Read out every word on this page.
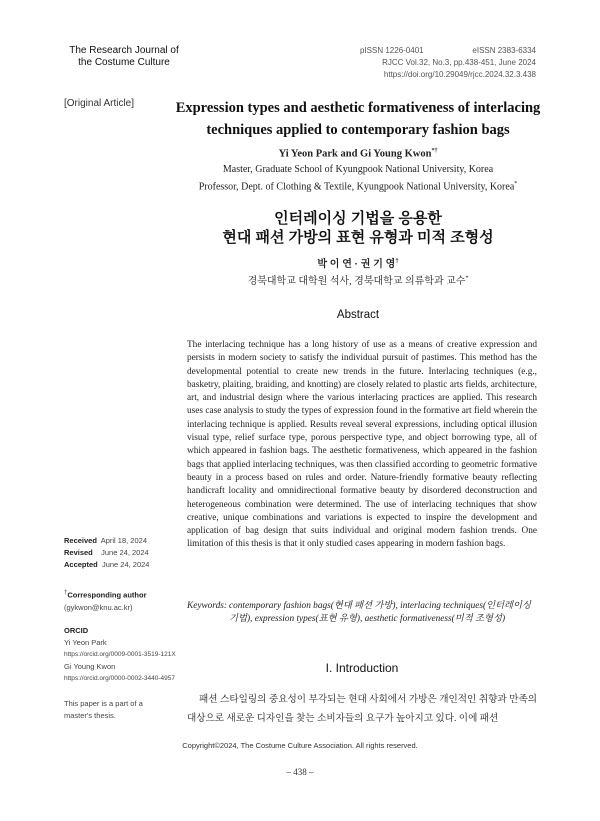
The Research Journal of
the Costume Culture
pISSN 1226-0401	eISSN 2383-6334
RJCC Vol.32, No.3, pp.438-451, June 2024
https://doi.org/10.29049/rjcc.2024.32.3.438
[Original Article]	Expression types and aesthetic formativeness of interlacing
techniques applied to contemporary fashion bags
Yi Yeon Park and Gi Young Kwon*†
Master, Graduate School of Kyungpook National University, Korea
Professor, Dept. of Clothing & Textile, Kyungpook National University, Korea*
인터레이싱 기법을 응용한
현대 패션 가방의 표현 유형과 미적 조형성
박 이 연 · 권 기 영†
경북대학교 대학원 석사, 경북대학교 의류학과 교수*
Abstract
The interlacing technique has a long history of use as a means of creative expression and persists in modern society to satisfy the individual pursuit of pastimes. This method has the developmental potential to create new trends in the future. Interlacing techniques (e.g., basketry, plaiting, braiding, and knotting) are closely related to plastic arts fields, architecture, art, and industrial design where the various interlacing practices are applied. This research uses case analysis to study the types of expression found in the formative art field wherein the interlacing technique is applied. Results reveal several expressions, including optical illusion visual type, relief surface type, porous perspective type, and object borrowing type, all of which appeared in fashion bags. The aesthetic formativeness, which appeared in the fashion bags that applied interlacing techniques, was then classified according to geometric formative beauty in a process based on rules and order. Nature-friendly formative beauty reflecting handicraft locality and omnidirectional formative beauty by disordered deconstruction and heterogeneous combination were determined. The use of interlacing techniques that show creative, unique combinations and variations is expected to inspire the development and application of bag design that suits individual and original modern fashion trends. One limitation of this thesis is that it only studied cases appearing in modern fashion bags.
Keywords: contemporary fashion bags(현대 패션 가방), interlacing techniques(인터레이싱 기법), expression types(표현 유형), aesthetic formativeness(미적 조형성)
I. Introduction
패션 스타일링의 중요성이 부각되는 현대 사회에서 가방은 개인적인 취향과 만족의 대상으로 새로운 디자인을 찾는 소비자들의 요구가 높아지고 있다. 이에 패션
Received April 18, 2024
Revised June 24, 2024
Accepted June 24, 2024
†Corresponding author
(gykwon@knu.ac.kr)
ORCID
Yi Yeon Park
https://orcid.org/0009-0001-3519-121X
Gi Young Kwon
https://orcid.org/0000-0002-3440-4957
This paper is a part of a
master's thesis.
Copyright©2024, The Costume Culture Association. All rights reserved.
– 438 –
